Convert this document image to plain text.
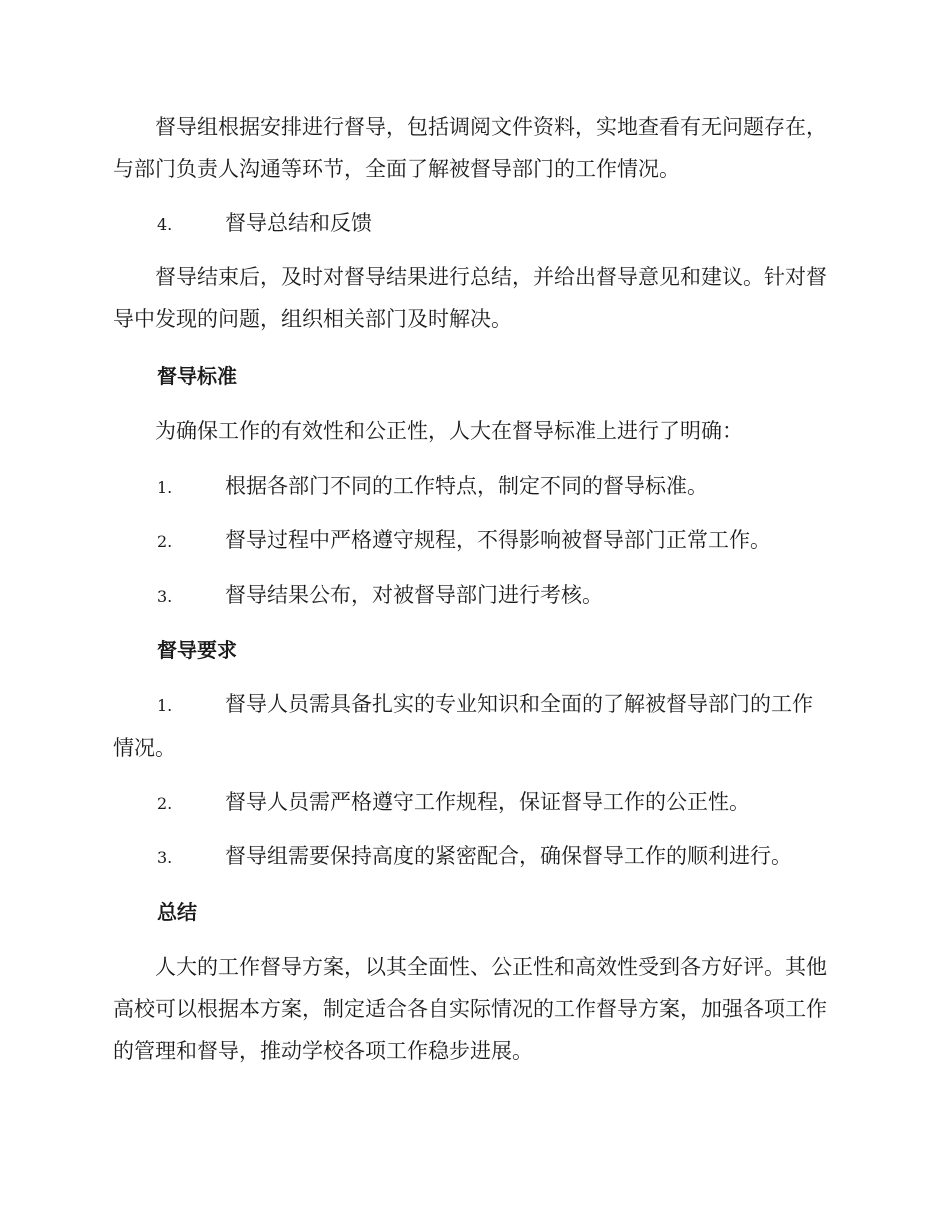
督导组根据安排进行督导，包括调阅文件资料，实地查看有无问题存在，与部门负责人沟通等环节，全面了解被督导部门的工作情况。

4.	督导总结和反馈

督导结束后，及时对督导结果进行总结，并给出督导意见和建议。针对督导中发现的问题，组织相关部门及时解决。

督导标准

为确保工作的有效性和公正性，人大在督导标准上进行了明确：

1.	根据各部门不同的工作特点，制定不同的督导标准。

2.	督导过程中严格遵守规程，不得影响被督导部门正常工作。

3.	督导结果公布，对被督导部门进行考核。

督导要求

1.	督导人员需具备扎实的专业知识和全面的了解被督导部门的工作
情况。

2.	督导人员需严格遵守工作规程，保证督导工作的公正性。

3.	督导组需要保持高度的紧密配合，确保督导工作的顺利进行。

总结

人大的工作督导方案，以其全面性、公正性和高效性受到各方好评。其他高校可以根据本方案，制定适合各自实际情况的工作督导方案，加强各项工作的管理和督导，推动学校各项工作稳步进展。
